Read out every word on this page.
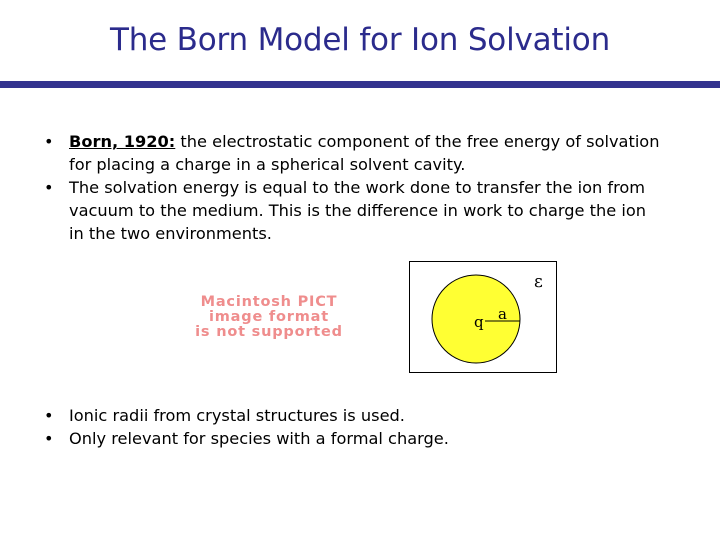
The Born Model for Ion Solvation
• Born, 1920: the electrostatic component of the free energy of solvation for placing a charge in a spherical solvent cavity.
• The solvation energy is equal to the work done to transfer the ion from vacuum to the medium. This is the difference in work to charge the ion in the two environments.
Macintosh PICT
image format
is not supported
ε
q a
• Ionic radii from crystal structures is used.
• Only relevant for species with a formal charge.
